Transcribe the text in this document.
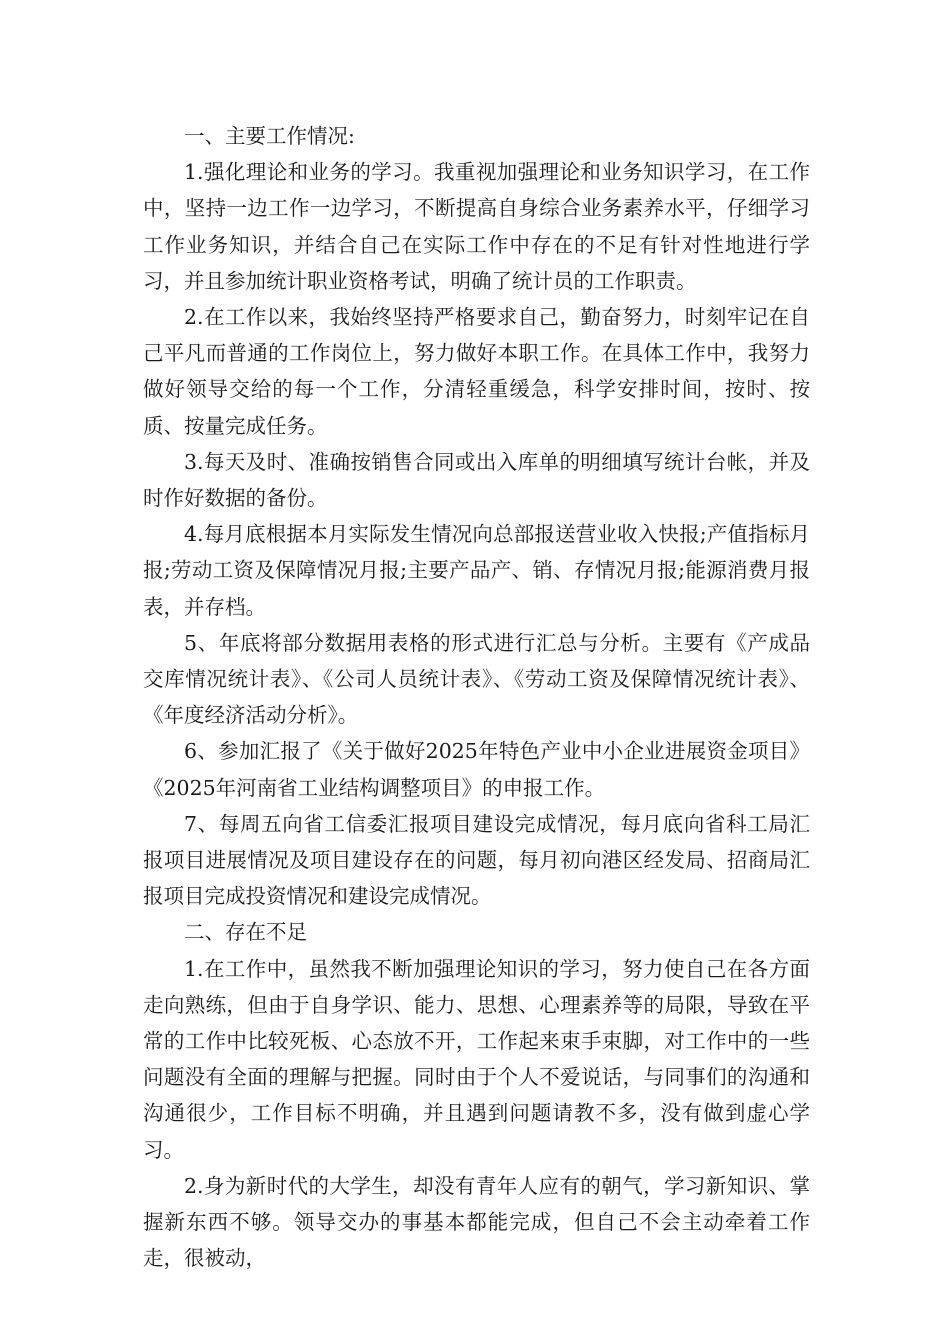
一、主要工作情况:

1.强化理论和业务的学习。我重视加强理论和业务知识学习，在工作中，坚持一边工作一边学习，不断提高自身综合业务素养水平，仔细学习工作业务知识，并结合自己在实际工作中存在的不足有针对性地进行学习，并且参加统计职业资格考试，明确了统计员的工作职责。

2.在工作以来，我始终坚持严格要求自己，勤奋努力，时刻牢记在自己平凡而普通的工作岗位上，努力做好本职工作。在具体工作中，我努力做好领导交给的每一个工作，分清轻重缓急，科学安排时间，按时、按质、按量完成任务。

3.每天及时、准确按销售合同或出入库单的明细填写统计台帐，并及时作好数据的备份。

4.每月底根据本月实际发生情况向总部报送营业收入快报;产值指标月报;劳动工资及保障情况月报;主要产品产、销、存情况月报;能源消费月报表，并存档。

5、年底将部分数据用表格的形式进行汇总与分析。主要有《产成品交库情况统计表》、《公司人员统计表》、《劳动工资及保障情况统计表》、《年度经济活动分析》。

6、参加汇报了《关于做好2025年特色产业中小企业进展资金项目》《2025年河南省工业结构调整项目》的申报工作。

7、每周五向省工信委汇报项目建设完成情况，每月底向省科工局汇报项目进展情况及项目建设存在的问题，每月初向港区经发局、招商局汇报项目完成投资情况和建设完成情况。

二、存在不足

1.在工作中，虽然我不断加强理论知识的学习，努力使自己在各方面走向熟练，但由于自身学识、能力、思想、心理素养等的局限，导致在平常的工作中比较死板、心态放不开，工作起来束手束脚，对工作中的一些问题没有全面的理解与把握。同时由于个人不爱说话，与同事们的沟通和沟通很少，工作目标不明确，并且遇到问题请教不多，没有做到虚心学习。

2.身为新时代的大学生，却没有青年人应有的朝气，学习新知识、掌握新东西不够。领导交办的事基本都能完成，但自己不会主动牵着工作走，很被动，
